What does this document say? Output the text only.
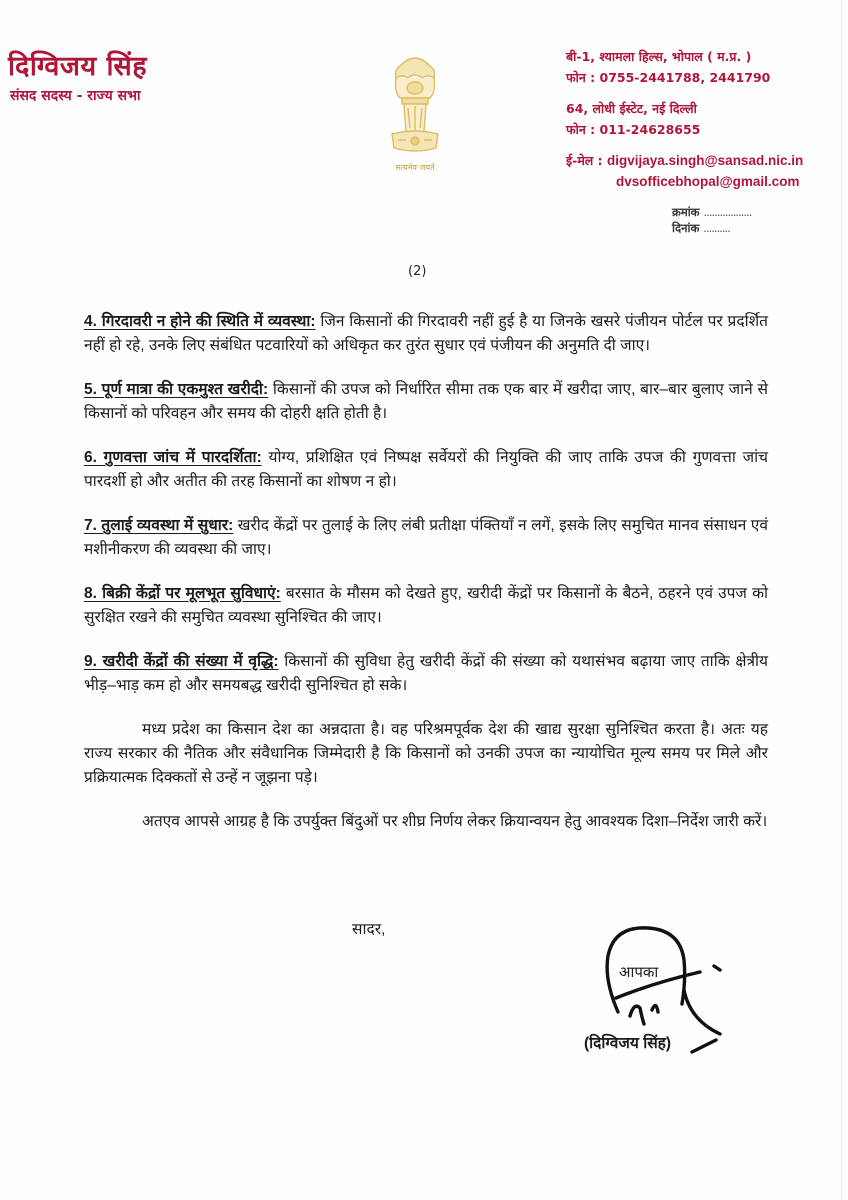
दिग्विजय सिंह
संसद सदस्य - राज्य सभा
सत्यमेव जयते
बी-1, श्यामला हिल्स, भोपाल ( म.प्र. )
फोन : 0755-2441788, 2441790
64, लोधी ईस्टेट, नई दिल्ली
फोन : 011-24628655
ई-मेल : digvijaya.singh@sansad.nic.in
dvsofficebhopal@gmail.com
क्रमांक ..................
दिनांक ..........
(2)
4. गिरदावरी न होने की स्थिति में व्यवस्था: जिन किसानों की गिरदावरी नहीं हुई है या जिनके खसरे पंजीयन पोर्टल पर प्रदर्शित नहीं हो रहे, उनके लिए संबंधित पटवारियों को अधिकृत कर तुरंत सुधार एवं पंजीयन की अनुमति दी जाए।
5. पूर्ण मात्रा की एकमुश्त खरीदी: किसानों की उपज को निर्धारित सीमा तक एक बार में खरीदा जाए, बार–बार बुलाए जाने से किसानों को परिवहन और समय की दोहरी क्षति होती है।
6. गुणवत्ता जांच में पारदर्शिता: योग्य, प्रशिक्षित एवं निष्पक्ष सर्वेयरों की नियुक्ति की जाए ताकि उपज की गुणवत्ता जांच पारदर्शी हो और अतीत की तरह किसानों का शोषण न हो।
7. तुलाई व्यवस्था में सुधार: खरीद केंद्रों पर तुलाई के लिए लंबी प्रतीक्षा पंक्तियाँ न लगें, इसके लिए समुचित मानव संसाधन एवं मशीनीकरण की व्यवस्था की जाए।
8. बिक्री केंद्रों पर मूलभूत सुविधाएं: बरसात के मौसम को देखते हुए, खरीदी केंद्रों पर किसानों के बैठने, ठहरने एवं उपज को सुरक्षित रखने की समुचित व्यवस्था सुनिश्चित की जाए।
9. खरीदी केंद्रों की संख्या में वृद्धि: किसानों की सुविधा हेतु खरीदी केंद्रों की संख्या को यथासंभव बढ़ाया जाए ताकि क्षेत्रीय भीड़–भाड़ कम हो और समयबद्ध खरीदी सुनिश्चित हो सके।
मध्य प्रदेश का किसान देश का अन्नदाता है। वह परिश्रमपूर्वक देश की खाद्य सुरक्षा सुनिश्चित करता है। अतः यह राज्य सरकार की नैतिक और संवैधानिक जिम्मेदारी है कि किसानों को उनकी उपज का न्यायोचित मूल्य समय पर मिले और प्रक्रियात्मक दिक्कतों से उन्हें न जूझना पड़े।
अतएव आपसे आग्रह है कि उपर्युक्त बिंदुओं पर शीघ्र निर्णय लेकर क्रियान्वयन हेतु आवश्यक दिशा–निर्देश जारी करें।
सादर,
आपका
(दिग्विजय सिंह)
